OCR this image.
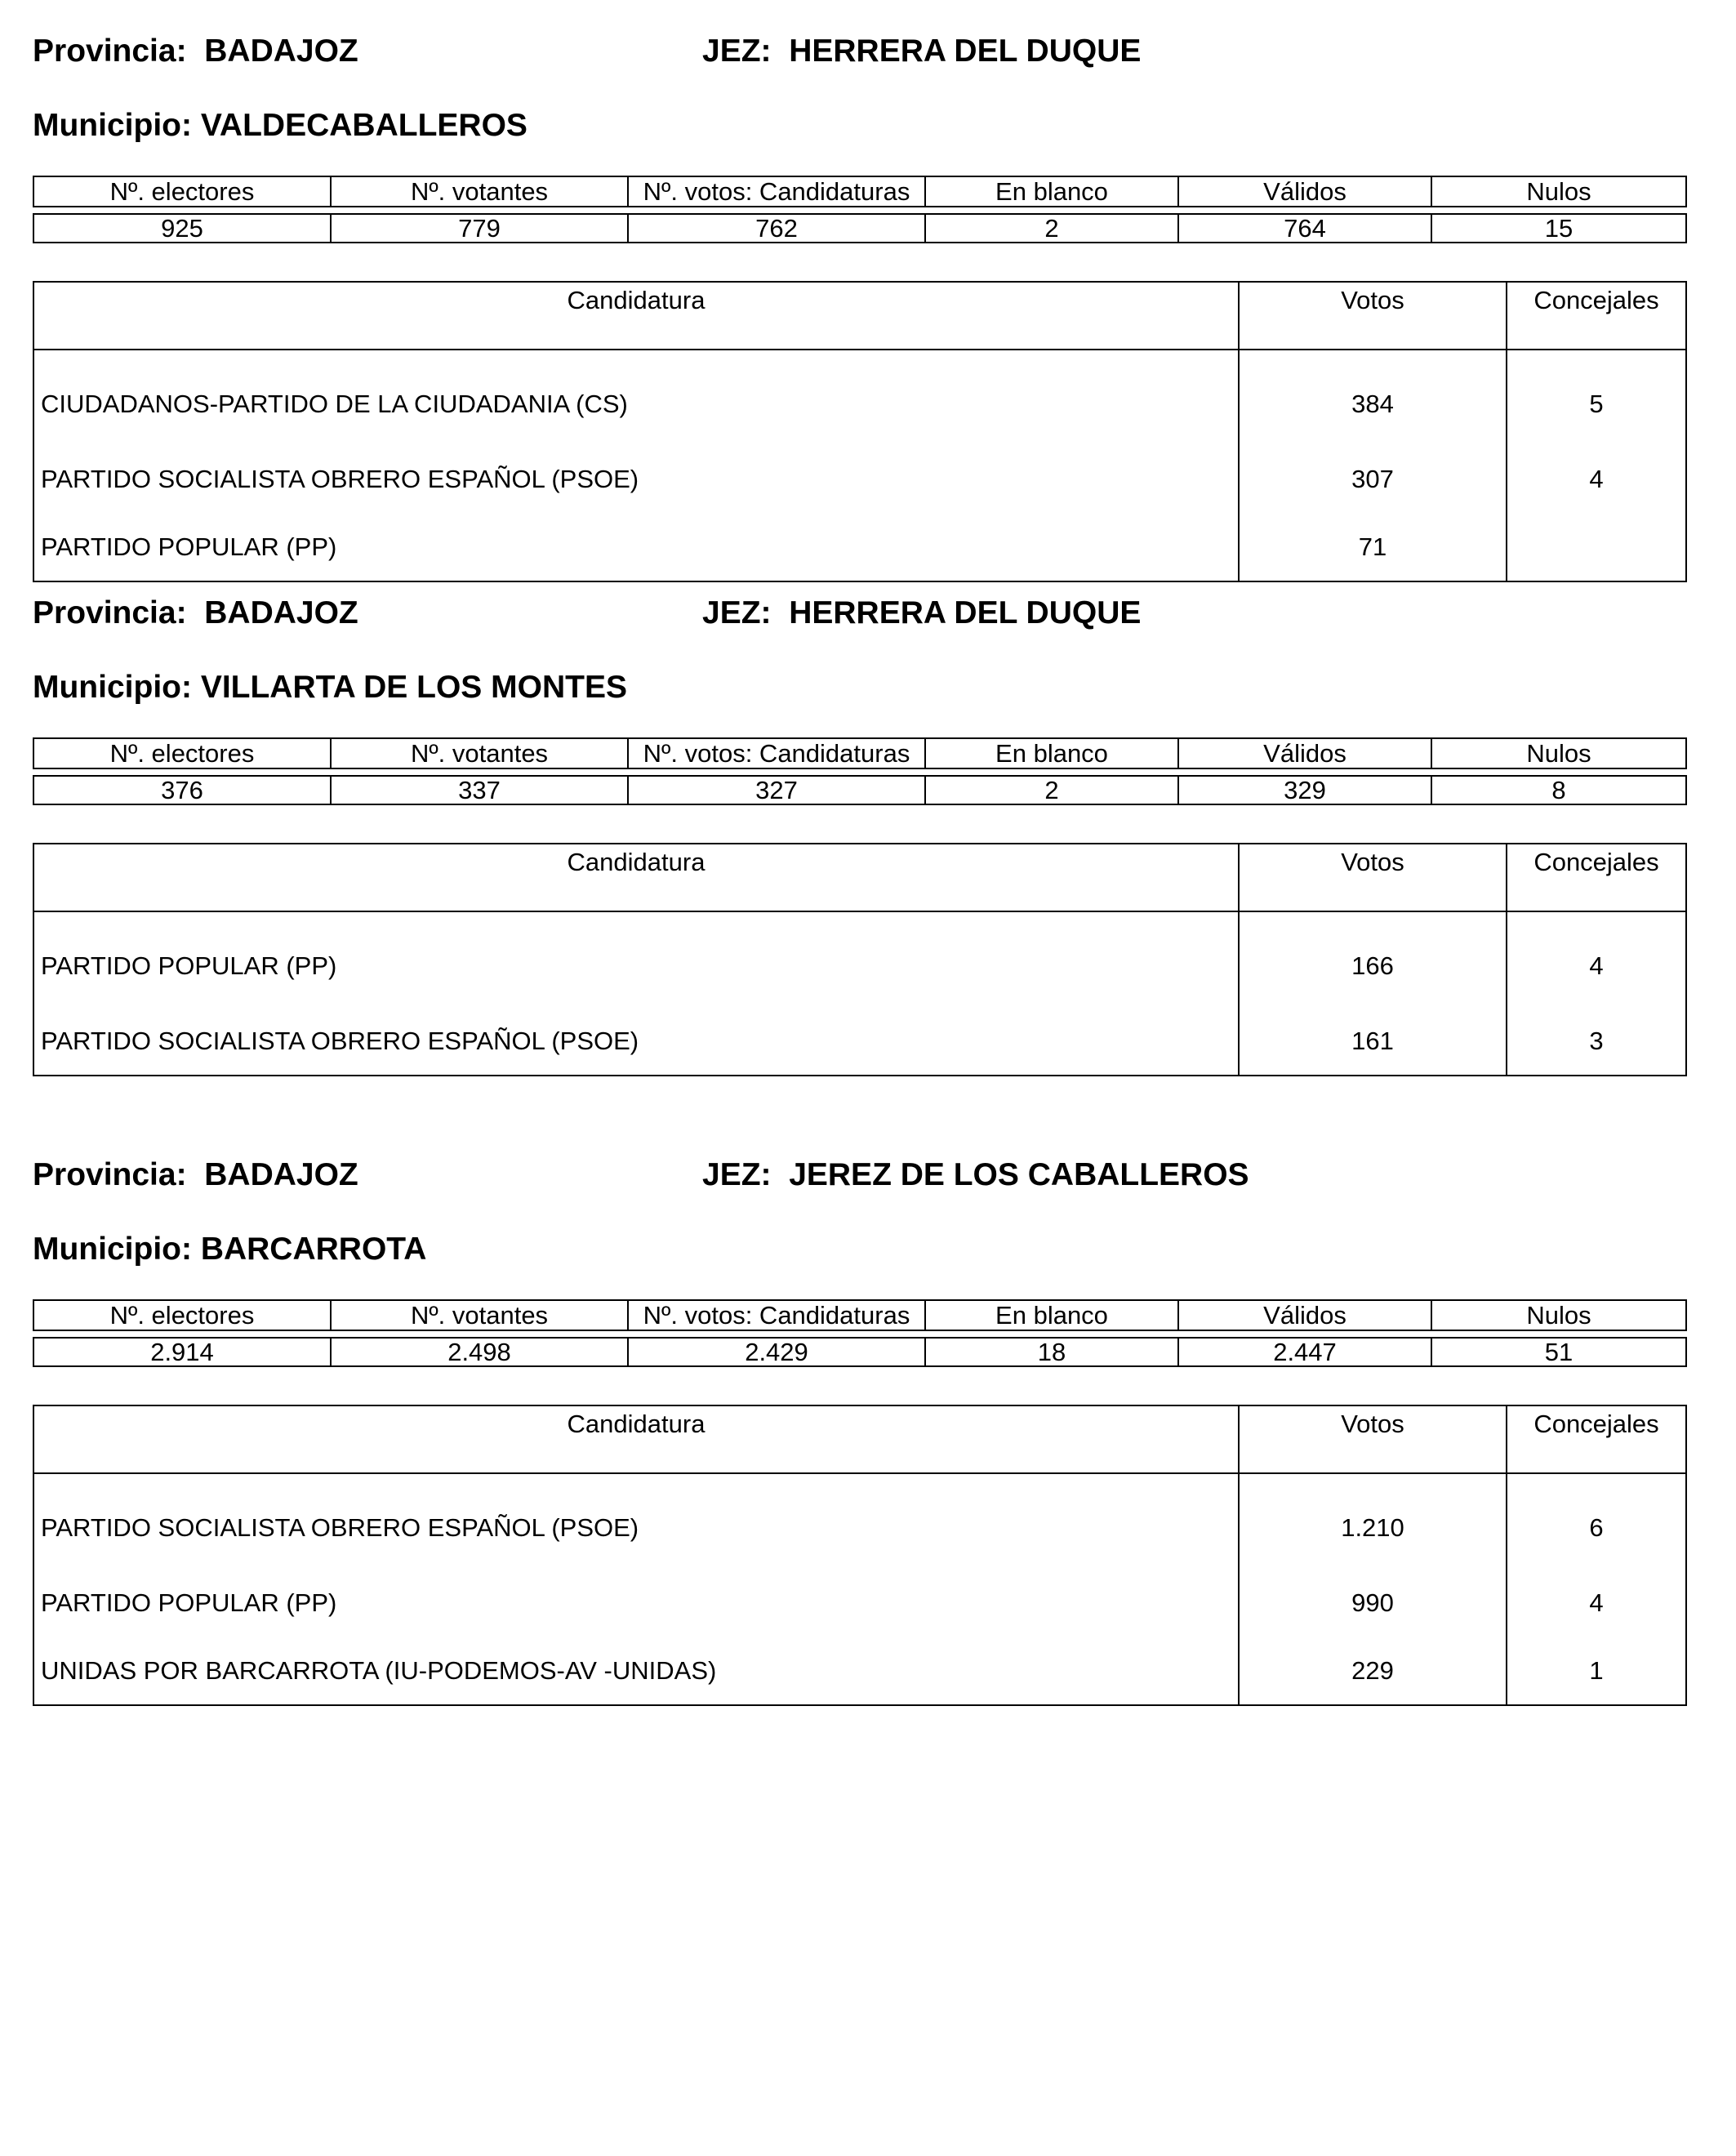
Provincia: BADAJOZ	JEZ: HERRERA DEL DUQUE
Municipio: VALDECABALLEROS
Nº. electores	Nº. votantes	Nº. votos: Candidaturas	En blanco	Válidos	Nulos

925	779	762	2	764	15
Candidatura	Votos	Concejales
CIUDADANOS-PARTIDO DE LA CIUDADANIA (CS)	384	5
PARTIDO SOCIALISTA OBRERO ESPAÑOL (PSOE)	307	4
PARTIDO POPULAR (PP)	71	
Provincia: BADAJOZ	JEZ: HERRERA DEL DUQUE
Municipio: VILLARTA DE LOS MONTES
Nº. electores	Nº. votantes	Nº. votos: Candidaturas	En blanco	Válidos	Nulos

376	337	327	2	329	8
Candidatura	Votos	Concejales
PARTIDO POPULAR (PP)	166	4
PARTIDO SOCIALISTA OBRERO ESPAÑOL (PSOE)	161	3
Provincia: BADAJOZ	JEZ: JEREZ DE LOS CABALLEROS
Municipio: BARCARROTA
Nº. electores	Nº. votantes	Nº. votos: Candidaturas	En blanco	Válidos	Nulos

2.914	2.498	2.429	18	2.447	51
Candidatura	Votos	Concejales
PARTIDO SOCIALISTA OBRERO ESPAÑOL (PSOE)	1.210	6
PARTIDO POPULAR (PP)	990	4
UNIDAS POR BARCARROTA (IU-PODEMOS-AV -UNIDAS)	229	1
